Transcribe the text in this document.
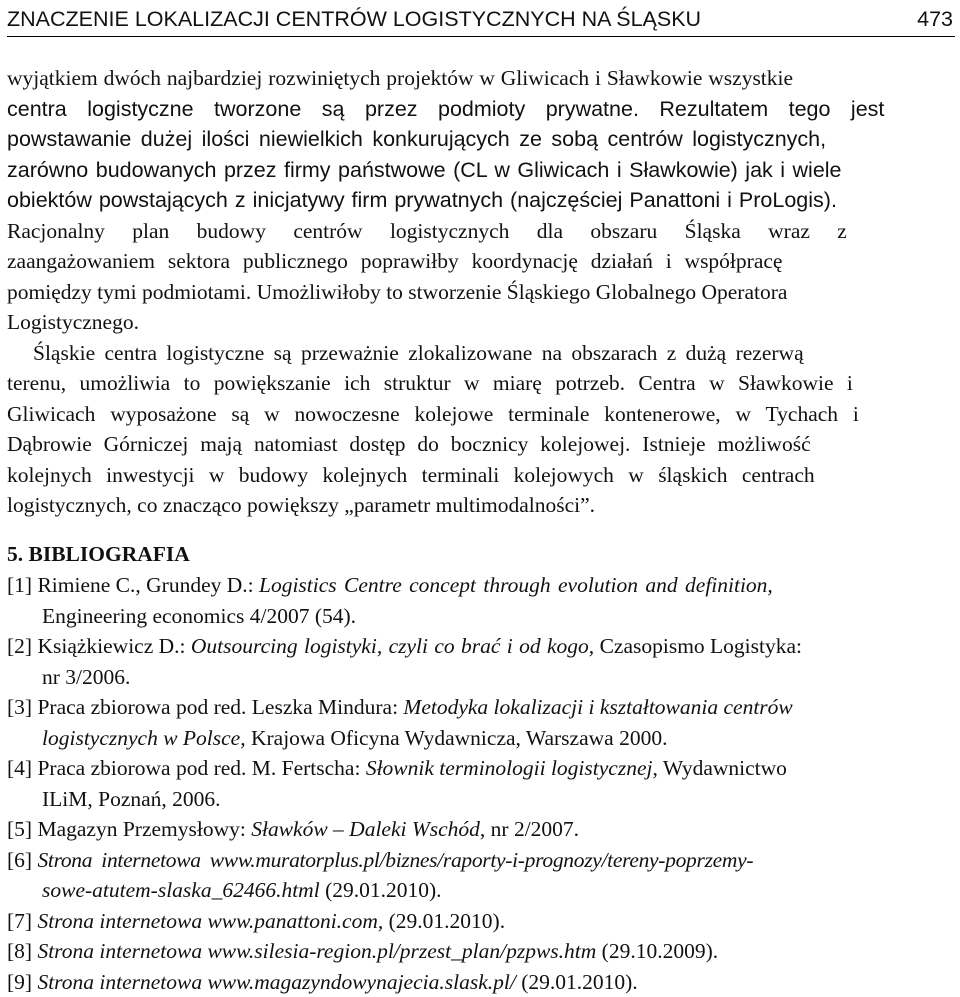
ZNACZENIE LOKALIZACJI CENTRÓW LOGISTYCZNYCH NA ŚLĄSKU	473

wyjątkiem dwóch najbardziej rozwiniętych projektów w Gliwicach i Sławkowie wszystkie
centra logistyczne tworzone są przez podmioty prywatne. Rezultatem tego jest
powstawanie dużej ilości niewielkich konkurujących ze sobą centrów logistycznych,
zarówno budowanych przez firmy państwowe (CL w Gliwicach i Sławkowie) jak i wiele
obiektów powstających z inicjatywy firm prywatnych (najczęściej Panattoni i ProLogis).
Racjonalny plan budowy centrów logistycznych dla obszaru Śląska wraz z
zaangażowaniem sektora publicznego poprawiłby koordynację działań i współpracę
pomiędzy tymi podmiotami. Umożliwiłoby to stworzenie Śląskiego Globalnego Operatora
Logistycznego.

Śląskie centra logistyczne są przeważnie zlokalizowane na obszarach z dużą rezerwą
terenu, umożliwia to powiększanie ich struktur w miarę potrzeb. Centra w Sławkowie i
Gliwicach wyposażone są w nowoczesne kolejowe terminale kontenerowe, w Tychach i
Dąbrowie Górniczej mają natomiast dostęp do bocznicy kolejowej. Istnieje możliwość
kolejnych inwestycji w budowy kolejnych terminali kolejowych w śląskich centrach
logistycznych, co znacząco powiększy „parametr multimodalności”.

5. BIBLIOGRAFIA
[1] Rimiene C., Grundey D.: Logistics Centre concept through evolution and definition,
Engineering economics 4/2007 (54).
[2] Książkiewicz D.: Outsourcing logistyki, czyli co brać i od kogo, Czasopismo Logistyka:
nr 3/2006.
[3] Praca zbiorowa pod red. Leszka Mindura: Metodyka lokalizacji i kształtowania centrów
logistycznych w Polsce, Krajowa Oficyna Wydawnicza, Warszawa 2000.
[4] Praca zbiorowa pod red. M. Fertscha: Słownik terminologii logistycznej, Wydawnictwo
ILiM, Poznań, 2006.
[5] Magazyn Przemysłowy: Sławków – Daleki Wschód, nr 2/2007.
[6] Strona internetowa www.muratorplus.pl/biznes/raporty-i-prognozy/tereny-poprzemy-
sowe-atutem-slaska_62466.html (29.01.2010).
[7] Strona internetowa www.panattoni.com, (29.01.2010).
[8] Strona internetowa www.silesia-region.pl/przest_plan/pzpws.htm (29.10.2009).
[9] Strona internetowa www.magazyndowynajecia.slask.pl/ (29.01.2010).
